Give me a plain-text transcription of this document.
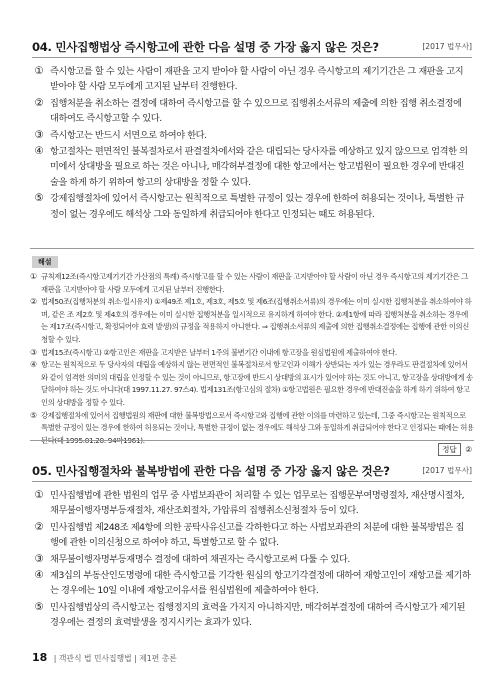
04. 민사집행법상 즉시항고에 관한 다음 설명 중 가장 옳지 않은 것은?	[2017 법무사]
① 즉시항고를 할 수 있는 사람이 재판을 고지 받아야 할 사람이 아닌 경우 즉시항고의 제기기간은 그 재판을 고지 받아야 할 사람 모두에게 고지된 날부터 진행한다.
② 집행처분을 취소하는 결정에 대하여 즉시항고를 할 수 있으므로 집행취소서류의 제출에 의한 집행 취소결정에 대하여도 즉시항고할 수 있다.
③ 즉시항고는 반드시 서면으로 하여야 한다.
④ 항고절차는 편면적인 불복절차로서 판결절차에서와 같은 대립되는 당사자를 예상하고 있지 않으므로 엄격한 의미에서 상대방을 필요로 하는 것은 아니나, 매각허부결정에 대한 항고에서는 항고법원이 필요한 경우에 반대진술을 하게 하기 위하여 항고의 상대방을 정할 수 있다.
⑤ 강제집행절차에 있어서 즉시항고는 원칙적으로 특별한 규정이 있는 경우에 한하여 허용되는 것이나, 특별한 규정이 없는 경우에도 해석상 그와 동일하게 취급되어야 한다고 인정되는 때도 허용된다.
해설
① 규칙제12조(즉시항고제기기간 가산점의 특례) 즉시항고를 할 수 있는 사람이 재판을 고지받아야 할 사람이 아닌 경우 즉시항고의 제기기간은 그 재판을 고지받아야 할 사람 모두에게 고지된 날부터 진행한다.
② 법제50조(집행처분의 취소·일시유지) ①제49조 제1호, 제3호, 제5호 및 제6조(집행취소서류)의 경우에는 이미 실시한 집행처분을 취소하여야 하며, 같은 조 제2호 및 제4호의 경우에는 이미 실시한 집행처분을 일시적으로 유지하게 하여야 한다. ②제1항에 따라 집행처분을 취소하는 경우에는 제17조(즉시항고, 확정되어야 효력 발생)의 규정을 적용하지 아니한다. ⇒ 집행취소서류의 제출에 의한 집행취소결정에는 집행에 관한 이의신청할 수 있다.
③ 법제15조(즉시항고) ②항고인은 재판을 고지받은 날부터 1주의 불변기간 이내에 항고장을 원심법원에 제출하여야 한다.
④ 항고는 원칙적으로 두 당사자의 대립을 예상하지 않는 편면적인 불복절차로서 항고인과 이해가 상반되는 자가 있는 경우라도 판결절차에 있어서와 같이 엄격한 의미의 대립을 인정할 수 있는 것이 아니므로, 항고장에 반드시 상대방의 표시가 있어야 하는 것도 아니고, 항고장을 상대방에게 송달하여야 하는 것도 아니다(대 1997.11.27. 97스4). 법제131조(항고심의 절차) ①항고법원은 필요한 경우에 반대진술을 하게 하기 위하여 항고인의 상대방을 정할 수 있다.
⑤ 강제집행절차에 있어서 집행법원의 재판에 대한 불복방법으로서 즉시항고와 집행에 관한 이의를 마련하고 있는데, 그중 즉시항고는 원칙적으로 특별한 규정이 있는 경우에 한하여 허용되는 것이나, 특별한 규정이 없는 경우에도 해석상 그와 동일하게 취급되어야 한다고 인정되는 때에는 허용된다(대 1995.01.20. 94마1961).
정답 ②
05. 민사집행절차와 불복방법에 관한 다음 설명 중 가장 옳지 않은 것은?	[2017 법무사]
① 민사집행법에 관한 법원의 업무 중 사법보좌관이 처리할 수 있는 업무로는 집행문부여명령절차, 재산명시절차, 채무불이행자명부등재절차, 재산조회절차, 가압류의 집행취소신청절차 등이 있다.
② 민사집행법 제248조 제4항에 의한 공탁사유신고를 각하한다고 하는 사법보좌관의 처분에 대한 불복방법은 집행에 관한 이의신청으로 하여야 하고, 특별항고로 할 수 없다.
③ 채무불이행자명부등재명수 결정에 대하여 채권자는 즉시항고로써 다툴 수 있다.
④ 제3십의 부동산인도명령에 대한 즉시항고를 기각한 원심의 항고기각결정에 대하여 재항고인이 재항고를 제기하는 경우에는 10일 이내에 재항고이유서를 원심법원에 제출하여야 한다.
⑤ 민사집행법상의 즉시항고는 집행정지의 효력을 가지지 아니하지만, 매각허부결정에 대하여 즉시항고가 제기된 경우에는 결정의 효력발생을 정지시키는 효과가 있다.
18 | 객관식 법 민사집행법 | 제1편 총론
